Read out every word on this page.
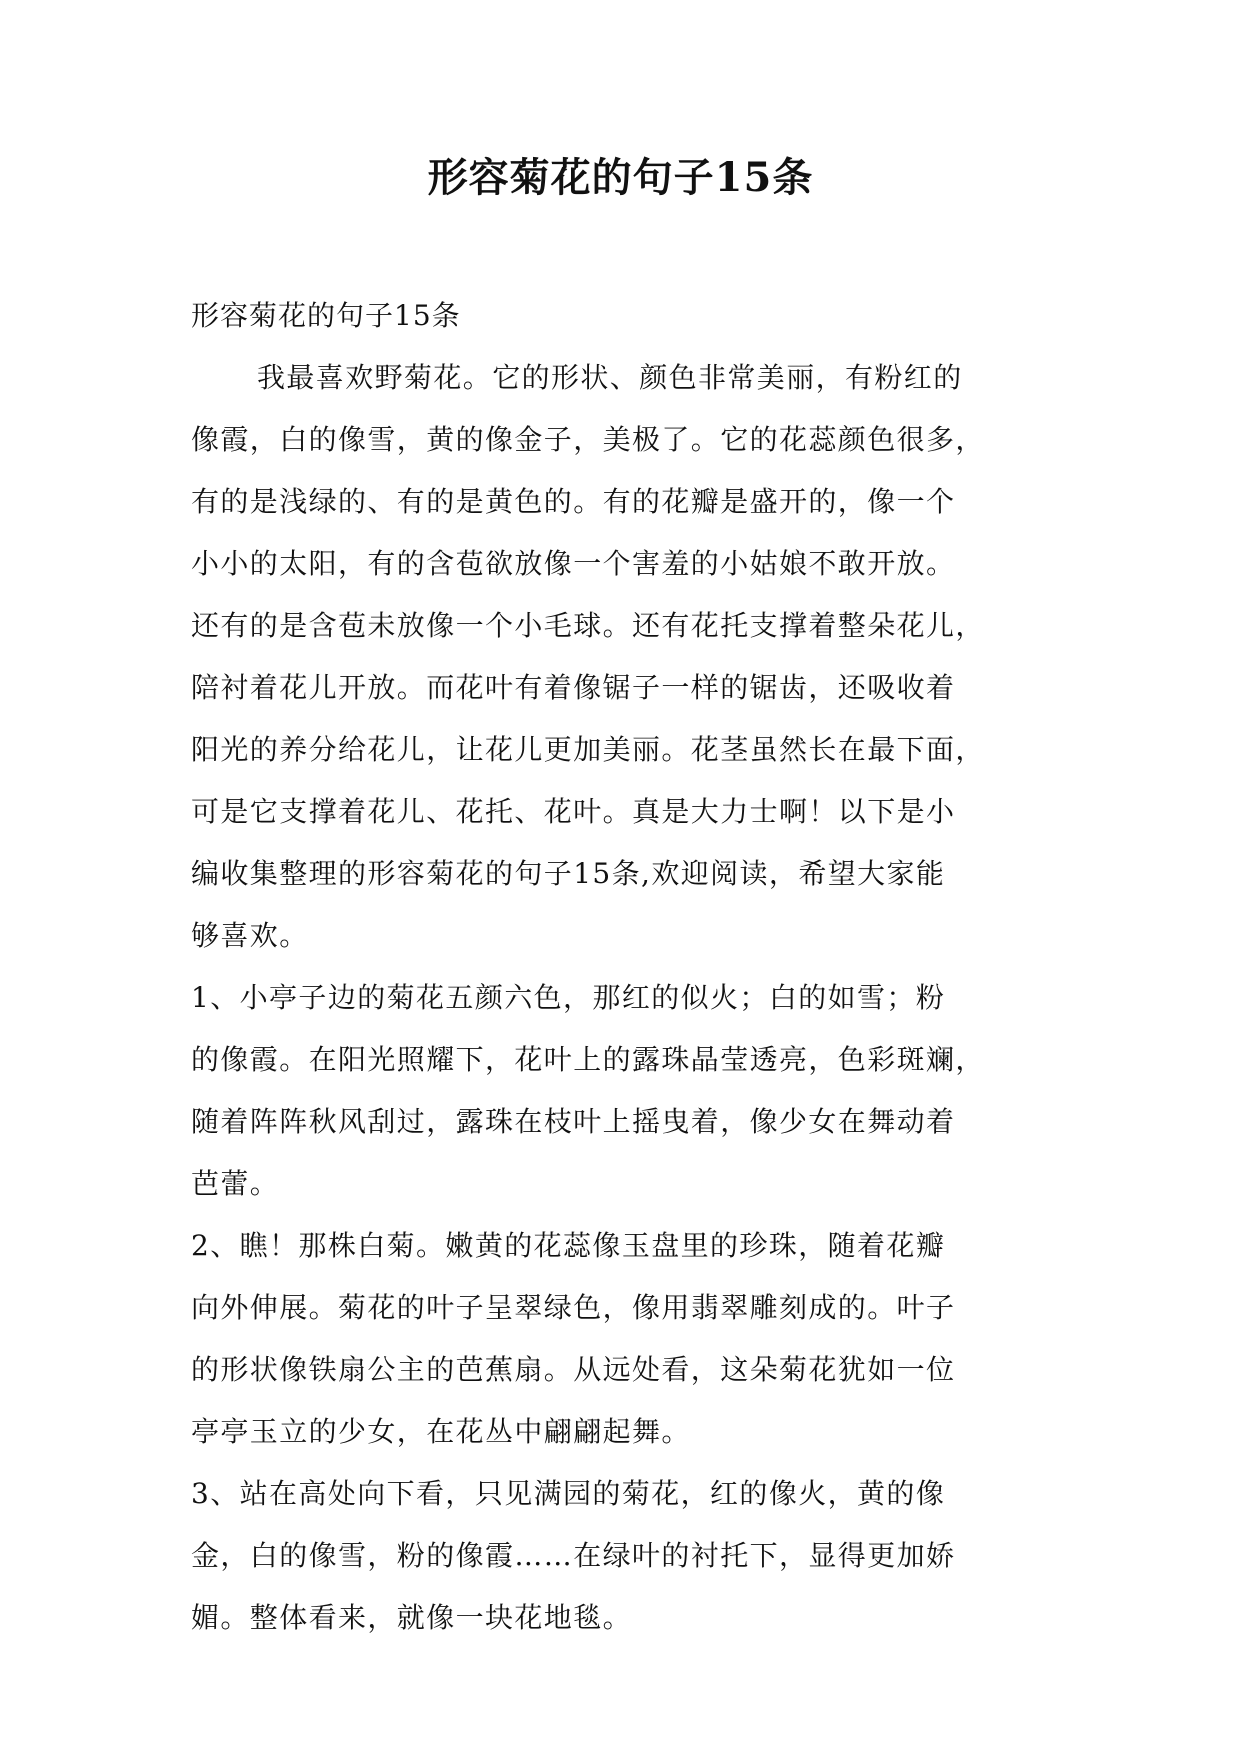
形容菊花的句子15条

形容菊花的句子15条

我最喜欢野菊花。它的形状、颜色非常美丽，有粉红的

像霞，白的像雪，黄的像金子，美极了。它的花蕊颜色很多，

有的是浅绿的、有的是黄色的。有的花瓣是盛开的，像一个

小小的太阳，有的含苞欲放像一个害羞的小姑娘不敢开放。

还有的是含苞未放像一个小毛球。还有花托支撑着整朵花儿，

陪衬着花儿开放。而花叶有着像锯子一样的锯齿，还吸收着

阳光的养分给花儿，让花儿更加美丽。花茎虽然长在最下面，

可是它支撑着花儿、花托、花叶。真是大力士啊！以下是小

编收集整理的形容菊花的句子15条,欢迎阅读，希望大家能

够喜欢。

1、小亭子边的菊花五颜六色，那红的似火；白的如雪；粉

的像霞。在阳光照耀下，花叶上的露珠晶莹透亮，色彩斑斓，

随着阵阵秋风刮过，露珠在枝叶上摇曳着，像少女在舞动着

芭蕾。

2、瞧！那株白菊。嫩黄的花蕊像玉盘里的珍珠，随着花瓣

向外伸展。菊花的叶子呈翠绿色，像用翡翠雕刻成的。叶子

的形状像铁扇公主的芭蕉扇。从远处看，这朵菊花犹如一位

亭亭玉立的少女，在花丛中翩翩起舞。

3、站在高处向下看，只见满园的菊花，红的像火，黄的像

金，白的像雪，粉的像霞……在绿叶的衬托下，显得更加娇

媚。整体看来，就像一块花地毯。
